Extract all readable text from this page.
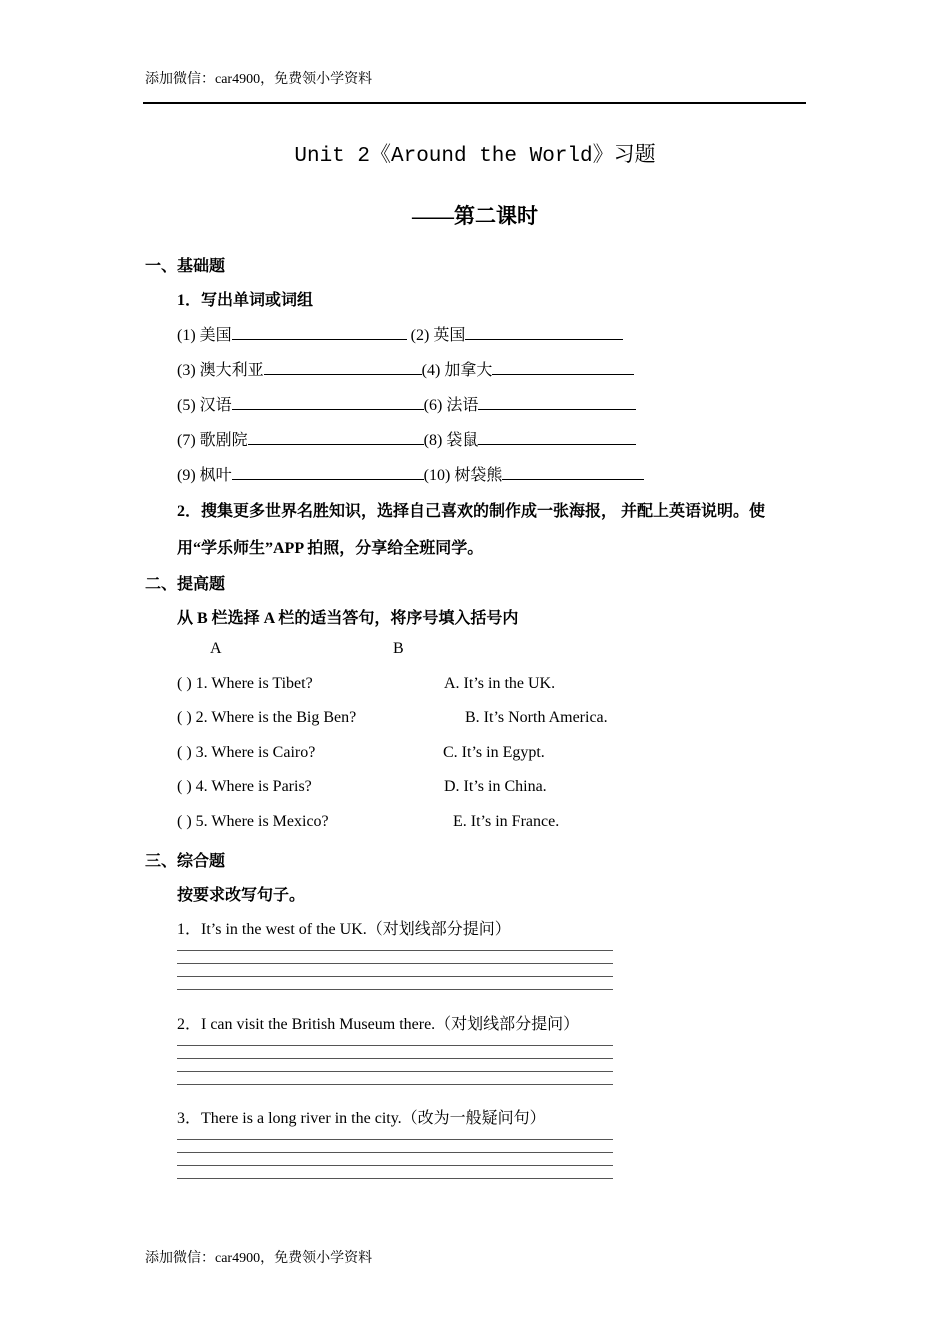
添加微信：car4900，免费领小学资料
Unit 2《Around the World》习题
——第二课时
一、基础题
1．写出单词或词组
(1) 美国	(2) 英国
(3) 澳大利亚	(4) 加拿大
(5) 汉语	(6) 法语
(7) 歌剧院	(8) 袋鼠
(9) 枫叶	(10) 树袋熊
2．搜集更多世界名胜知识，选择自己喜欢的制作成一张海报， 并配上英语说明。使
用“学乐师生”APP 拍照，分享给全班同学。
二、提高题
从 B 栏选择 A 栏的适当答句，将序号填入括号内
A	B
( ) 1. Where is Tibet?	A. It’s in the UK.
( ) 2. Where is the Big Ben?	B. It’s North America.
( ) 3. Where is Cairo?	C. It’s in Egypt.
( ) 4. Where is Paris?	D. It’s in China.
( ) 5. Where is Mexico?	E. It’s in France.
三、综合题
按要求改写句子。
1．It’s in the west of the UK.（对划线部分提问）
2．I can visit the British Museum there.（对划线部分提问）
3．There is a long river in the city.（改为一般疑问句）
添加微信：car4900，免费领小学资料
